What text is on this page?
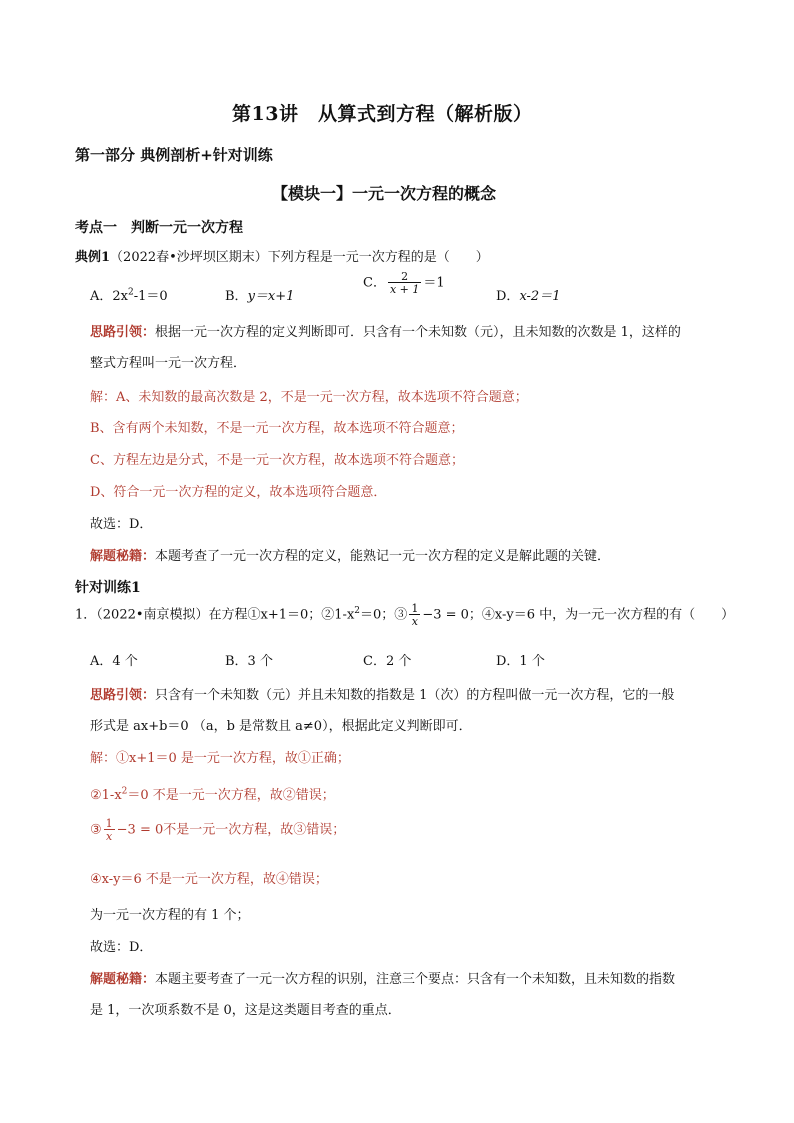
第13讲　从算式到方程（解析版）
第一部分 典例剖析+针对训练
【模块一】一元一次方程的概念
考点一　判断一元一次方程
典例1（2022春•沙坪坝区期末）下列方程是一元一次方程的是（　　）
A．$2x^2-1=0$	B．y＝x+1
C． $\frac{2}{x + 1} =1$
D．x-2＝1
思路引领：根据一元一次方程的定义判断即可．只含有一个未知数（元），且未知数的次数是 1，这样的
整式方程叫一元一次方程．
解：A、未知数的最高次数是 2，不是一元一次方程，故本选项不符合题意；
B、含有两个未知数，不是一元一次方程，故本选项不符合题意；
C、方程左边是分式，不是一元一次方程，故本选项不符合题意；
D、符合一元一次方程的定义，故本选项符合题意．
故选：D．
解题秘籍：本题考查了一元一次方程的定义，能熟记一元一次方程的定义是解此题的关键．
针对训练1
1．（2022•南京模拟）在方程①x+1＝0；$②1-x^2=0$；③ $\frac{1}{x} -3 = 0$；④x-y＝6 中，为一元一次方程的有（　　）
A．4 个	B．3 个	C．2 个	D．1 个
思路引领：只含有一个未知数（元）并且未知数的指数是 1（次）的方程叫做一元一次方程，它的一般
形式是 ax+b＝0 （a，b 是常数且 a≠0），根据此定义判断即可．
解：①x+1＝0 是一元一次方程，故①正确；
$②1-x^2=0$ 不是一元一次方程，故②错误；
③ $\frac{1}{x} -3 = 0$不是一元一次方程，故③错误；
④x-y＝6 不是一元一次方程，故④错误；
为一元一次方程的有 1 个；
故选：D．
解题秘籍：本题主要考查了一元一次方程的识别，注意三个要点：只含有一个未知数，且未知数的指数
是 1，一次项系数不是 0，这是这类题目考查的重点．
